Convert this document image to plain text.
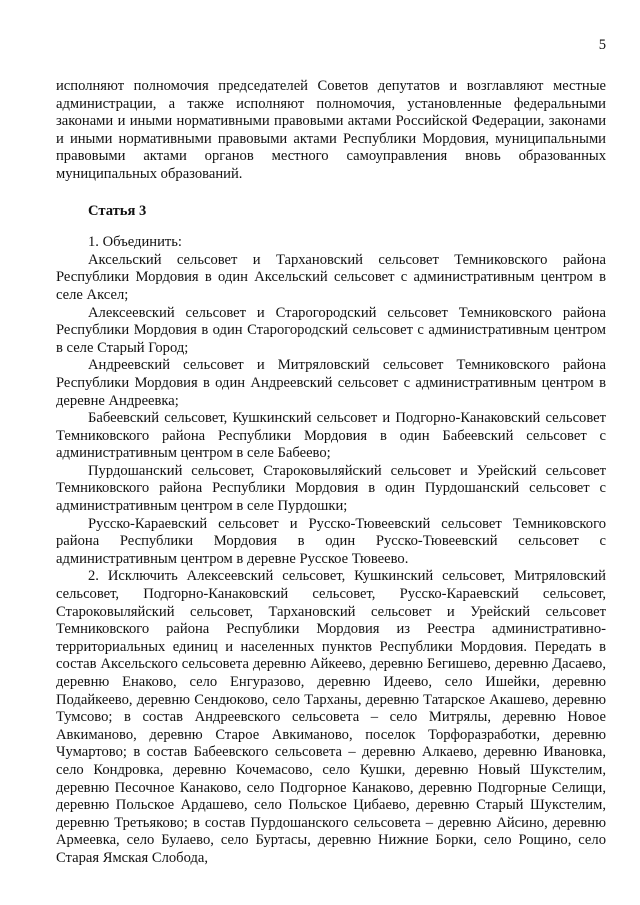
5

исполняют полномочия председателей Советов депутатов и возглавляют местные администрации, а также исполняют полномочия, установленные федеральными законами и иными нормативными правовыми актами Российской Федерации, законами и иными нормативными правовыми актами Республики Мордовия, муниципальными правовыми актами органов местного самоуправления вновь образованных муниципальных образований.

Статья 3

1. Объединить:

Аксельский сельсовет и Тархановский сельсовет Темниковского района Республики Мордовия в один Аксельский сельсовет с административным центром в селе Аксел;

Алексеевский сельсовет и Старогородский сельсовет Темниковского района Республики Мордовия в один Старогородский сельсовет с административным центром в селе Старый Город;

Андреевский сельсовет и Митряловский сельсовет Темниковского района Республики Мордовия в один Андреевский сельсовет с административным центром в деревне Андреевка;

Бабеевский сельсовет, Кушкинский сельсовет и Подгорно-Канаковский сельсовет Темниковского района Республики Мордовия в один Бабеевский сельсовет с административным центром в селе Бабеево;

Пурдошанский сельсовет, Староковыляйский сельсовет и Урейский сельсовет Темниковского района Республики Мордовия в один Пурдошанский сельсовет с административным центром в селе Пурдошки;

Русско-Караевский сельсовет и Русско-Тювеевский сельсовет Темниковского района Республики Мордовия в один Русско-Тювеевский сельсовет с административным центром в деревне Русское Тювеево.

2. Исключить Алексеевский сельсовет, Кушкинский сельсовет, Митряловский сельсовет, Подгорно-Канаковский сельсовет, Русско-Караевский сельсовет, Староковыляйский сельсовет, Тархановский сельсовет и Урейский сельсовет Темниковского района Республики Мордовия из Реестра административно-территориальных единиц и населенных пунктов Республики Мордовия. Передать в состав Аксельского сельсовета деревню Айкеево, деревню Бегишево, деревню Дасаево, деревню Енаково, село Енгуразово, деревню Идеево, село Ишейки, деревню Подайкеево, деревню Сендюково, село Тарханы, деревню Татарское Акашево, деревню Тумсово; в состав Андреевского сельсовета – село Митрялы, деревню Новое Авкиманово, деревню Старое Авкиманово, поселок Торфоразработки, деревню Чумартово; в состав Бабеевского сельсовета – деревню Алкаево, деревню Ивановка, село Кондровка, деревню Кочемасово, село Кушки, деревню Новый Шукстелим, деревню Песочное Канаково, село Подгорное Канаково, деревню Подгорные Селищи, деревню Польское Ардашево, село Польское Цибаево, деревню Старый Шукстелим, деревню Третьяково; в состав Пурдошанского сельсовета – деревню Айсино, деревню Армеевка, село Булаево, село Буртасы, деревню Нижние Борки, село Рощино, село Старая Ямская Слобода,
